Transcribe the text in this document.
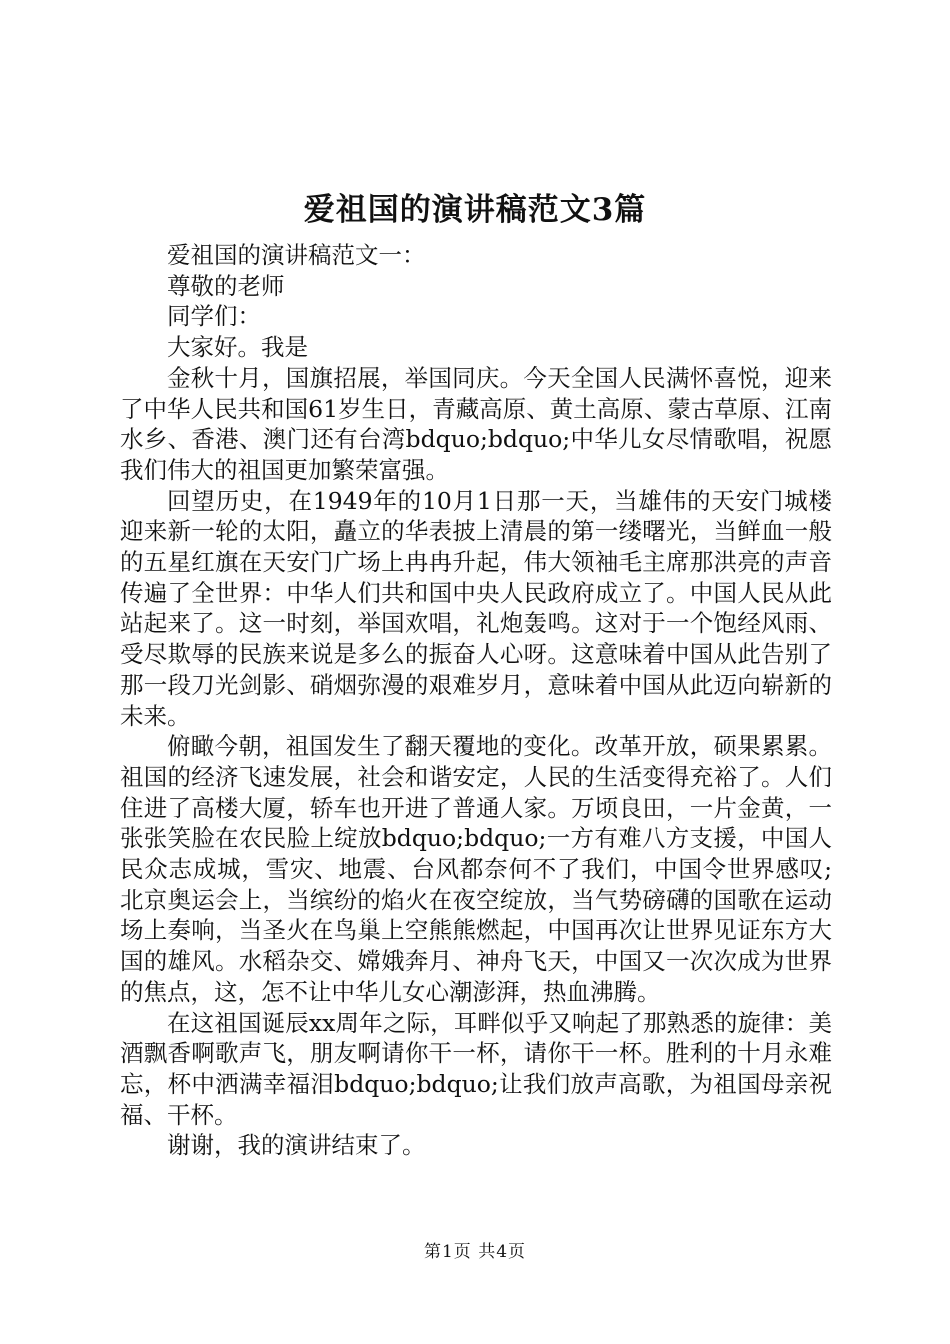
爱祖国的演讲稿范文3篇

爱祖国的演讲稿范文一：

尊敬的老师

同学们：

大家好。我是

金秋十月，国旗招展，举国同庆。今天全国人民满怀喜悦，迎来了中华人民共和国61岁生日，青藏高原、黄土高原、蒙古草原、江南水乡、香港、澳门还有台湾bdquo;bdquo;中华儿女尽情歌唱，祝愿我们伟大的祖国更加繁荣富强。

回望历史，在1949年的10月1日那一天，当雄伟的天安门城楼迎来新一轮的太阳，矗立的华表披上清晨的第一缕曙光，当鲜血一般的五星红旗在天安门广场上冉冉升起，伟大领袖毛主席那洪亮的声音传遍了全世界：中华人们共和国中央人民政府成立了。中国人民从此站起来了。这一时刻，举国欢唱，礼炮轰鸣。这对于一个饱经风雨、受尽欺辱的民族来说是多么的振奋人心呀。这意味着中国从此告别了那一段刀光剑影、硝烟弥漫的艰难岁月，意味着中国从此迈向崭新的未来。

俯瞰今朝，祖国发生了翻天覆地的变化。改革开放，硕果累累。祖国的经济飞速发展，社会和谐安定，人民的生活变得充裕了。人们住进了高楼大厦，轿车也开进了普通人家。万顷良田，一片金黄，一张张笑脸在农民脸上绽放bdquo;bdquo;一方有难八方支援，中国人民众志成城，雪灾、地震、台风都奈何不了我们，中国令世界感叹;北京奥运会上，当缤纷的焰火在夜空绽放，当气势磅礴的国歌在运动场上奏响，当圣火在鸟巢上空熊熊燃起，中国再次让世界见证东方大国的雄风。水稻杂交、嫦娥奔月、神舟飞天，中国又一次次成为世界的焦点，这，怎不让中华儿女心潮澎湃，热血沸腾。

在这祖国诞辰xx周年之际，耳畔似乎又响起了那熟悉的旋律：美酒飘香啊歌声飞，朋友啊请你干一杯，请你干一杯。胜利的十月永难忘，杯中洒满幸福泪bdquo;bdquo;让我们放声高歌，为祖国母亲祝福、干杯。

谢谢，我的演讲结束了。

第1页 共4页
